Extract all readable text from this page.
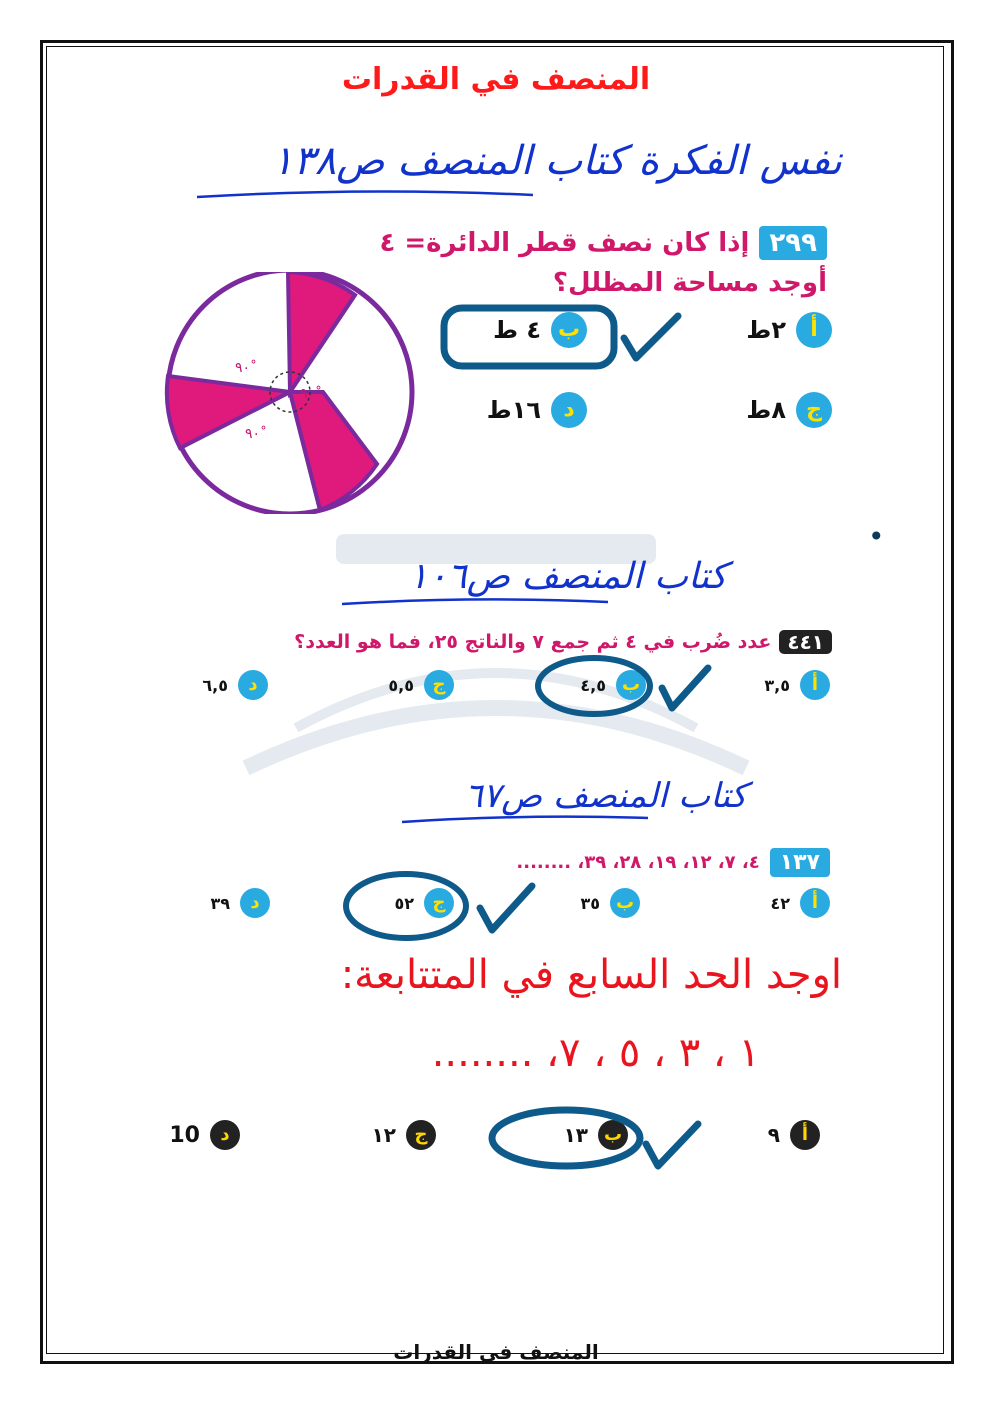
المنصف في القدرات
نفس الفكرة كتاب المنصف ص١٣٨
٢٩٩
إذا كان نصف قطر الدائرة= ٤
أوجد مساحة المظلل؟
٩٠ْ
٩٠ْ
٩٠ْ
أ
٢ط
ب
٤ ط
ج
٨ط
د
١٦ط
•
كتاب المنصف ص١٠٦
٤٤١
عدد ضُرب في ٤ ثم جمع ٧ والناتج ٢٥، فما هو العدد؟
أ
٣,٥
ب
٤,٥
ج
٥,٥
د
٦,٥
كتاب المنصف ص٦٧
١٣٧
٤، ٧، ١٢، ١٩، ٢٨، ٣٩، ........
أ
٤٢
ب
٣٥
ج
٥٢
د
٣٩
اوجد الحد السابع في المتتابعة:
١ ، ٣ ، ٥ ، ٧، ........
أ
٩
ب
١٣
ج
١٢
د
10
المنصف في القدرات
